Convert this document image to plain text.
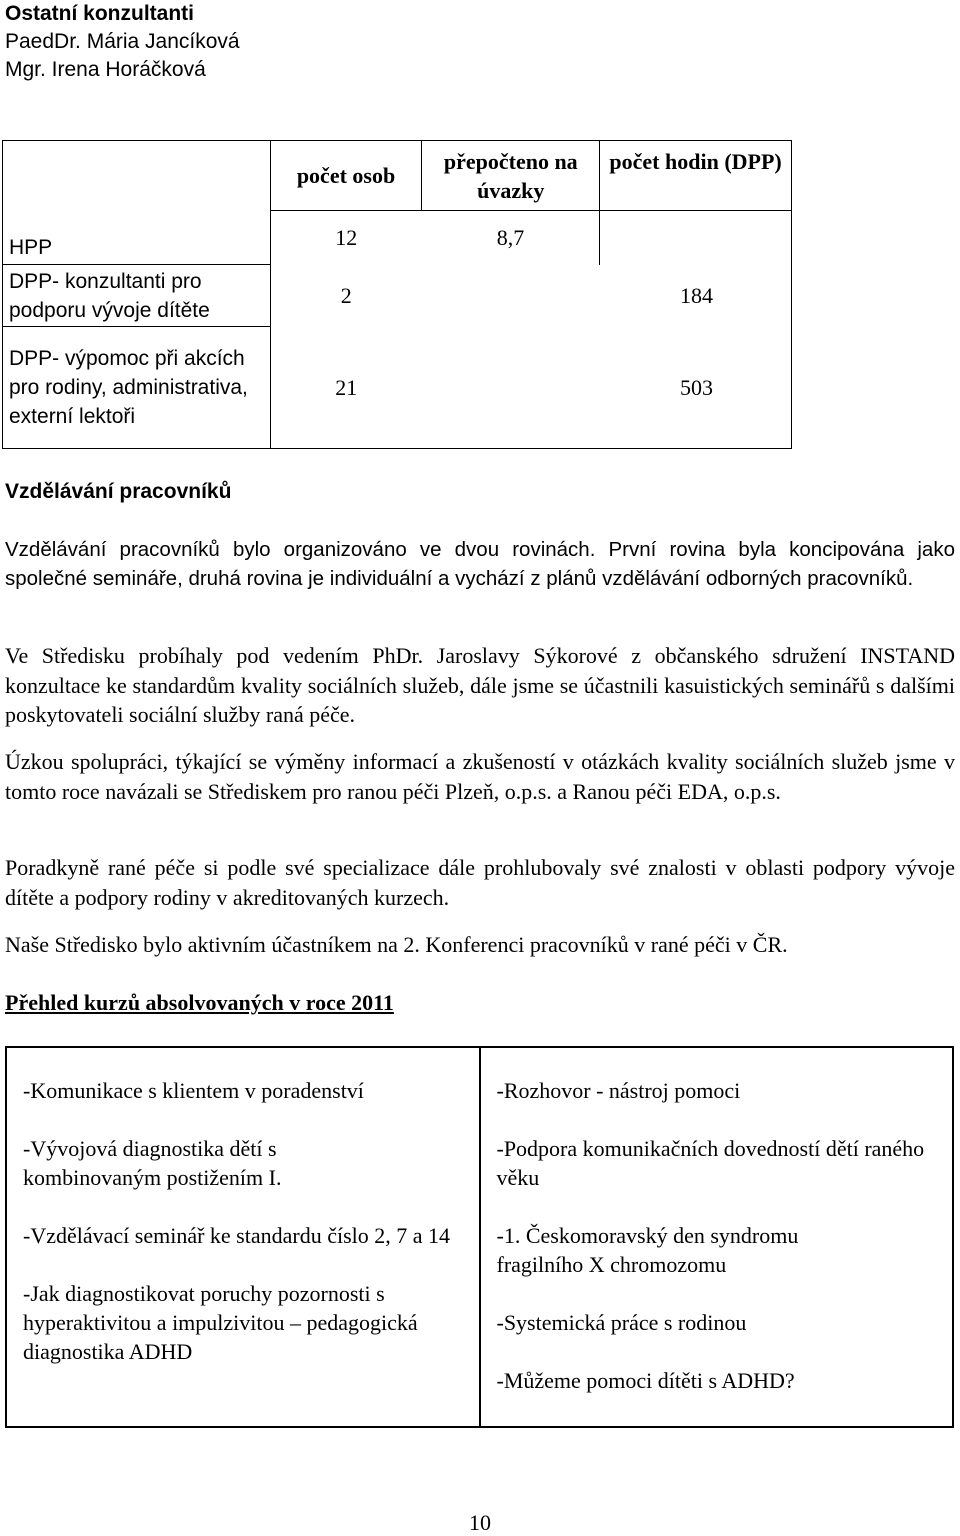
Ostatní konzultanti
PaedDr. Mária Jancíková
Mgr. Irena Horáčková
	počet osob	přepočteno na úvazky	počet hodin (DPP)
HPP	12	8,7	
DPP- konzultanti pro podporu vývoje dítěte	2		184
DPP- výpomoc při akcích pro rodiny, administrativa, externí lektoři	21		503
Vzdělávání pracovníků

Vzdělávání pracovníků bylo organizováno ve dvou rovinách. První rovina byla koncipována jako společné semináře, druhá rovina je individuální a vychází z plánů vzdělávání odborných pracovníků.

Ve Středisku probíhaly pod vedením PhDr. Jaroslavy Sýkorové z občanského sdružení INSTAND konzultace ke standardům kvality sociálních služeb, dále jsme se účastnili kasuistických seminářů s dalšími poskytovateli sociální služby raná péče.

Úzkou spolupráci, týkající se výměny informací a zkušeností v otázkách kvality sociálních služeb jsme v tomto roce navázali se Střediskem pro ranou péči Plzeň, o.p.s. a Ranou péči EDA, o.p.s.

Poradkyně rané péče si podle své specializace dále prohlubovaly své znalosti v oblasti podpory vývoje dítěte a podpory rodiny v akreditovaných kurzech.

Naše Středisko bylo aktivním účastníkem na 2. Konferenci pracovníků v rané péči v ČR.

Přehled kurzů absolvovaných v roce 2011

-Komunikace s klientem v poradenství

-Vývojová diagnostika dětí s kombinovaným postižením I.

-Vzdělávací seminář ke standardu číslo 2, 7 a 14

-Jak diagnostikovat poruchy pozornosti s hyperaktivitou a impulzivitou – pedagogická diagnostika ADHD

-Rozhovor - nástroj pomoci

-Podpora komunikačních dovedností dětí raného věku

-1. Českomoravský den syndromu fragilního X chromozomu

-Systemická práce s rodinou

-Můžeme pomoci dítěti s ADHD?

10
